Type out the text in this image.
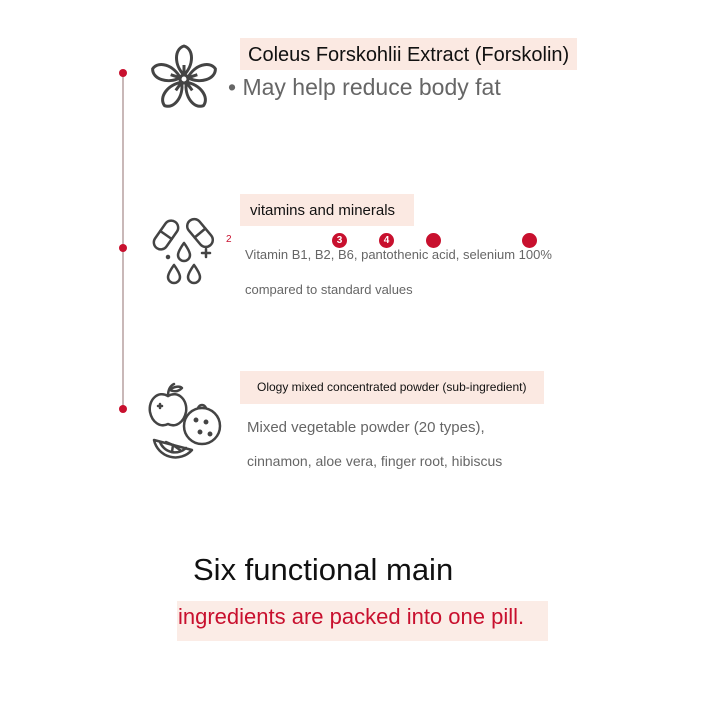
Coleus Forskohlii Extract (Forskolin)
• May help reduce body fat
vitamins and minerals
2	3	4
Vitamin B1, B2, B6, pantothenic acid, selenium 100%
compared to standard values
Ology mixed concentrated powder (sub-ingredient)
Mixed vegetable powder (20 types),
cinnamon, aloe vera, finger root, hibiscus
Six functional main
ingredients are packed into one pill.
